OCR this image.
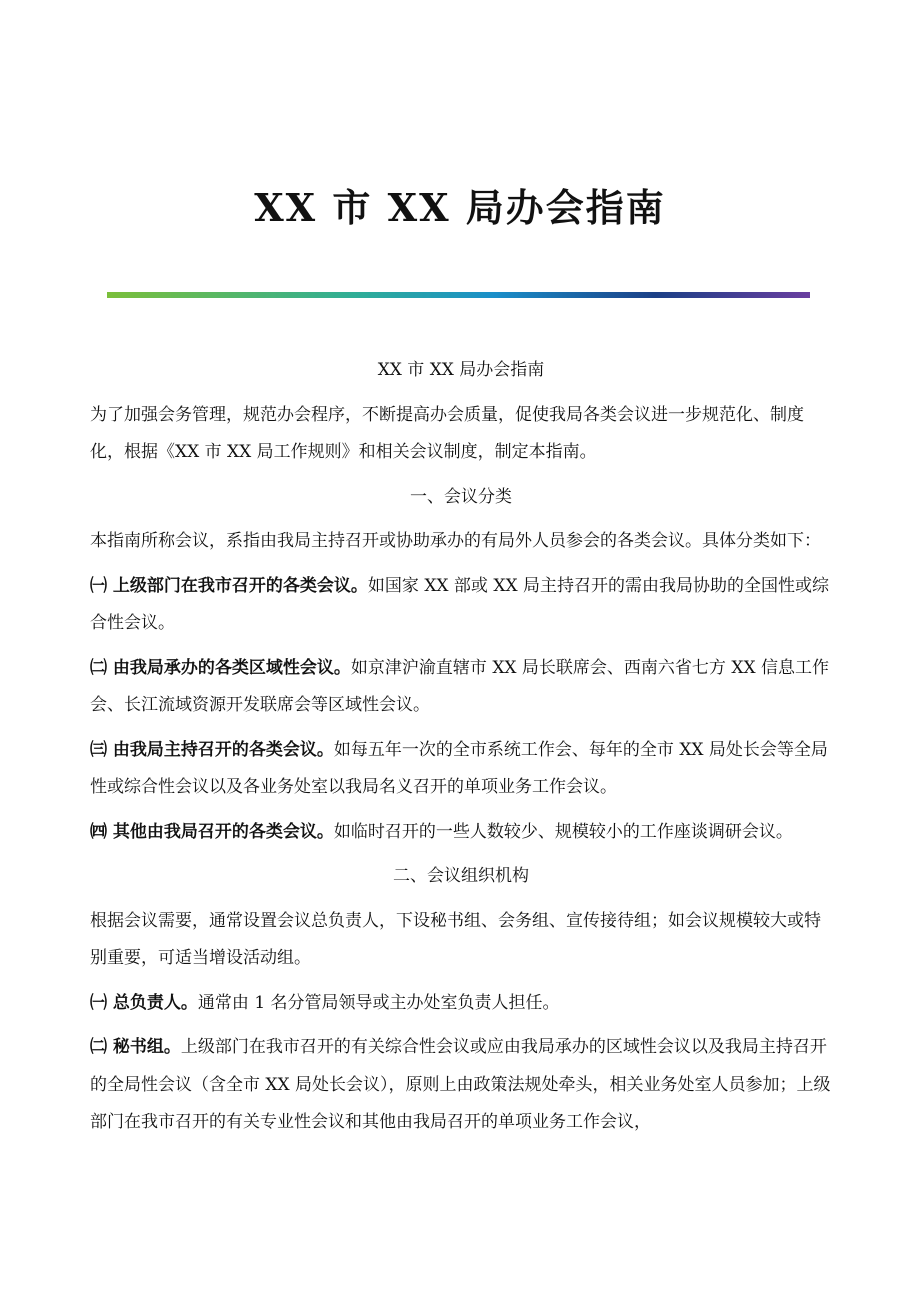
XX 市 XX 局办会指南

XX 市 XX 局办会指南

为了加强会务管理，规范办会程序，不断提高办会质量，促使我局各类会议进一步规范化、制度化，根据《XX 市 XX 局工作规则》和相关会议制度，制定本指南。

一、会议分类

本指南所称会议，系指由我局主持召开或协助承办的有局外人员参会的各类会议。具体分类如下：

㈠ 上级部门在我市召开的各类会议。如国家 XX 部或 XX 局主持召开的需由我局协助的全国性或综合性会议。

㈡ 由我局承办的各类区域性会议。如京津沪渝直辖市 XX 局长联席会、西南六省七方 XX 信息工作会、长江流域资源开发联席会等区域性会议。

㈢ 由我局主持召开的各类会议。如每五年一次的全市系统工作会、每年的全市 XX 局处长会等全局性或综合性会议以及各业务处室以我局名义召开的单项业务工作会议。

㈣ 其他由我局召开的各类会议。如临时召开的一些人数较少、规模较小的工作座谈调研会议。

二、会议组织机构

根据会议需要，通常设置会议总负责人，下设秘书组、会务组、宣传接待组；如会议规模较大或特别重要，可适当增设活动组。

㈠ 总负责人。通常由 1 名分管局领导或主办处室负责人担任。

㈡ 秘书组。上级部门在我市召开的有关综合性会议或应由我局承办的区域性会议以及我局主持召开的全局性会议（含全市 XX 局处长会议），原则上由政策法规处牵头，相关业务处室人员参加；上级部门在我市召开的有关专业性会议和其他由我局召开的单项业务工作会议，
